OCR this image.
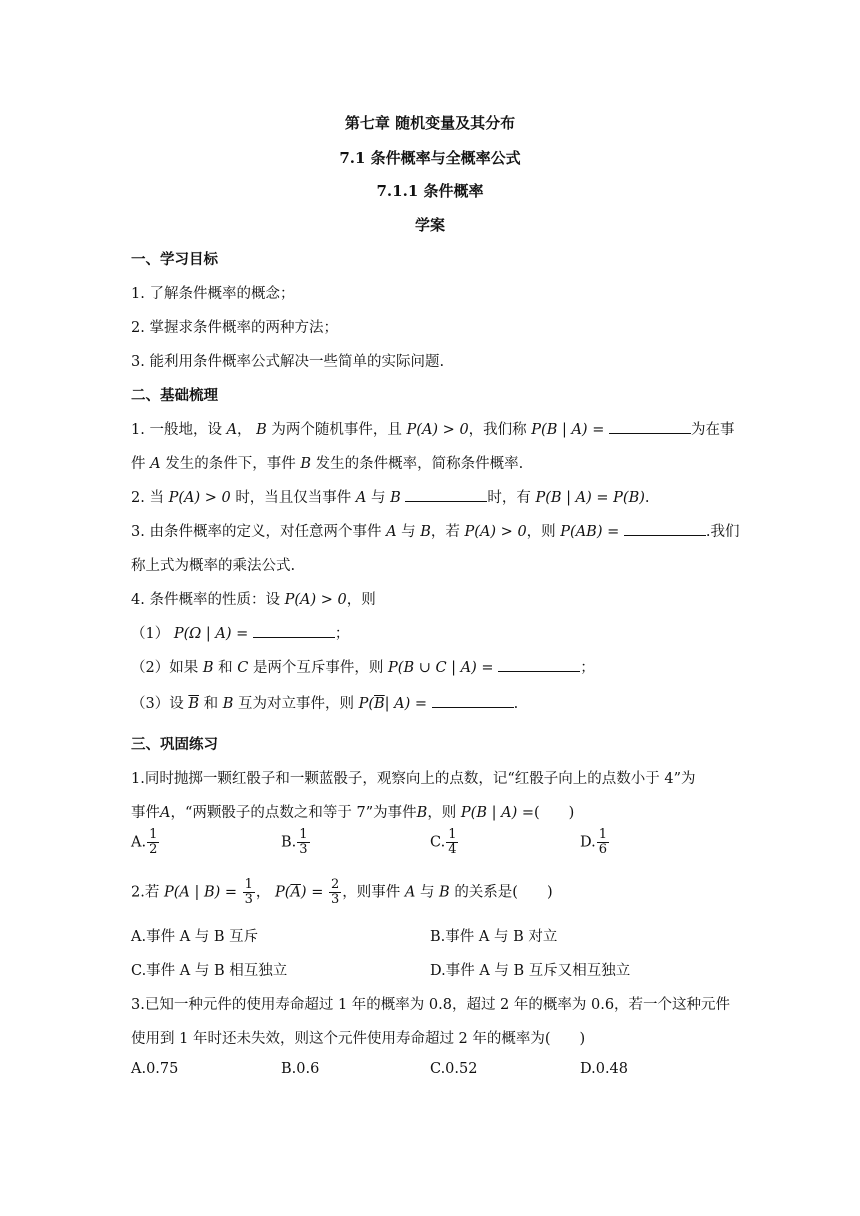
第七章 随机变量及其分布
7.1 条件概率与全概率公式
7.1.1 条件概率
学案
一、学习目标
1. 了解条件概率的概念；
2. 掌握求条件概率的两种方法；
3. 能利用条件概率公式解决一些简单的实际问题.
二、基础梳理
1. 一般地，设 A， B 为两个随机事件，且 P(A) > 0，我们称 P(B | A) =	为在事
件 A 发生的条件下，事件 B 发生的条件概率，简称条件概率.
2. 当 P(A) > 0 时，当且仅当事件 A 与 B	时，有 P(B | A) = P(B).
3. 由条件概率的定义，对任意两个事件 A 与 B，若 P(A) > 0，则 P(AB) =	.我们
称上式为概率的乘法公式.
4. 条件概率的性质：设 P(A) > 0，则
（1） P(Ω | A) =	；
（2）如果 B 和 C 是两个互斥事件，则 P(B ∪ C | A) =	；
（3）设 $\overline{B}$ 和 B 互为对立事件，则 $P(\overline{B}|$ A) =	.
三、巩固练习
1.同时抛掷一颗红骰子和一颗蓝骰子，观察向上的点数，记“红骰子向上的点数小于 4”为
事件A，“两颗骰子的点数之和等于 7”为事件B，则 P(B | A) =(　　)
A. $\frac{1}{2}$	B. $\frac{1}{3}$	C. $\frac{1}{4}$	D. $\frac{1}{6}$
2.若 P(A | $B) = \frac{1}{3}$ ， $P(\overline{A}) = \frac{2}{3}$ ，则事件 A 与 B 的关系是(　　)
A.事件 A 与 B 互斥	B.事件 A 与 B 对立
C.事件 A 与 B 相互独立	D.事件 A 与 B 互斥又相互独立
3.已知一种元件的使用寿命超过 1 年的概率为 0.8，超过 2 年的概率为 0.6，若一个这种元件
使用到 1 年时还未失效，则这个元件使用寿命超过 2 年的概率为(　　)
A.0.75	B.0.6	C.0.52	D.0.48
